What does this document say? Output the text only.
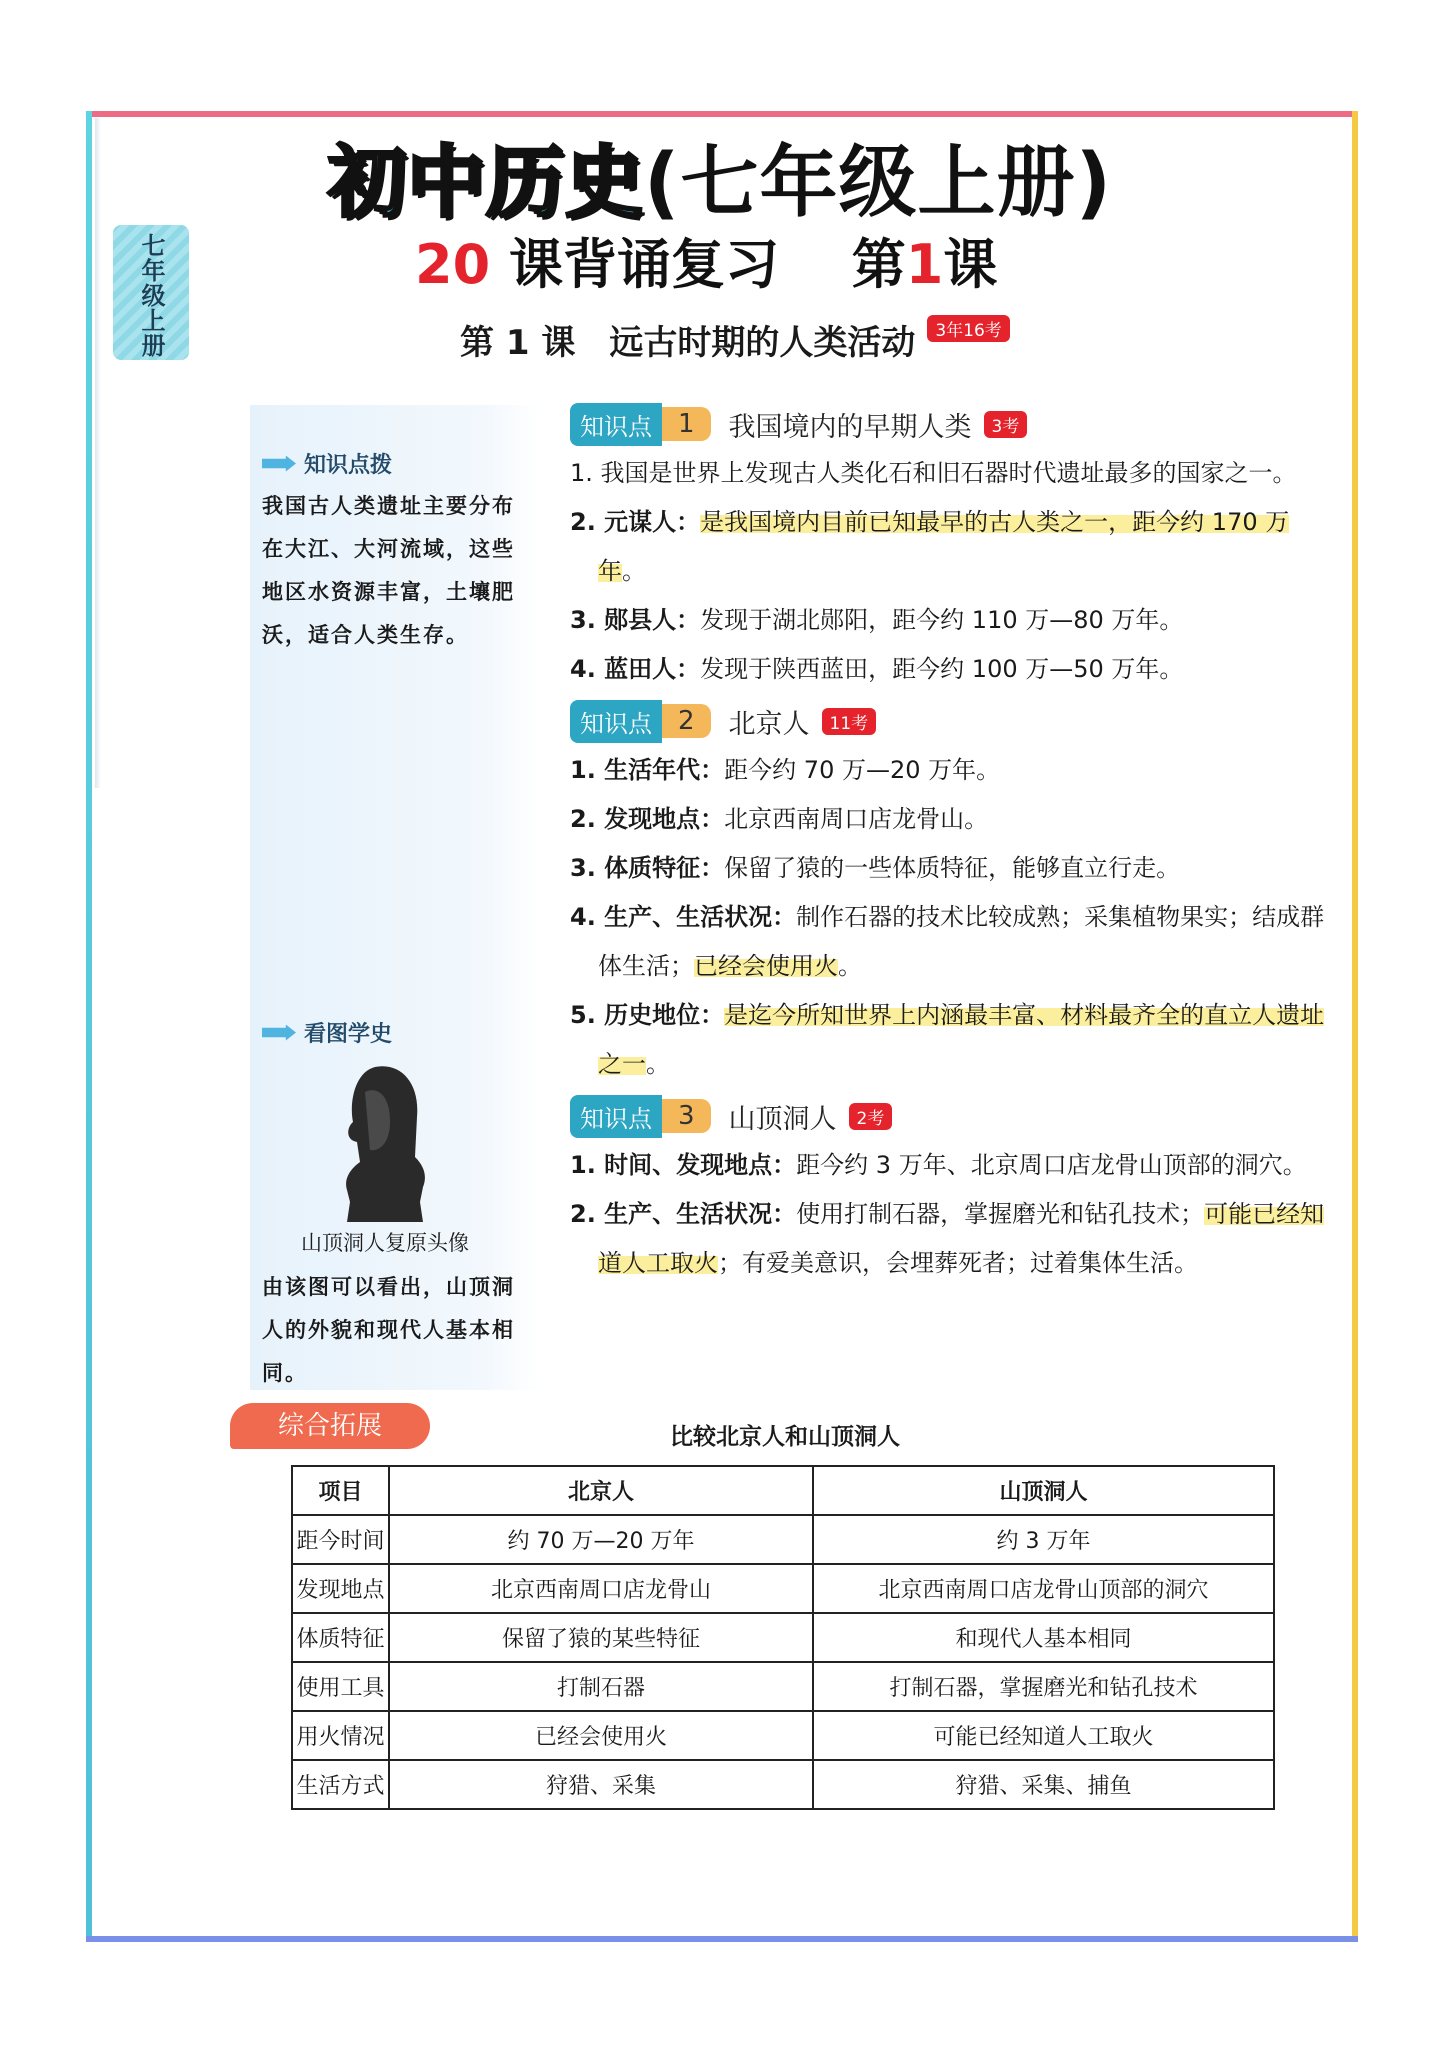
七年级上册
初中历史(七年级上册)
20 课背诵复习　 第1课
第 1 课　远古时期的人类活动 3年16考
知识点拨
我国古人类遗址主要分布在大江、大河流域，这些地区水资源丰富，土壤肥沃，适合人类生存。
看图学史
山顶洞人复原头像
由该图可以看出，山顶洞人的外貌和现代人基本相同。
知识点	1	我国境内的早期人类	3考
1. 我国是世界上发现古人类化石和旧石器时代遗址最多的国家之一。
2. 元谋人：是我国境内目前已知最早的古人类之一，距今约 170 万年。
3. 郧县人：发现于湖北郧阳，距今约 110 万—80 万年。
4. 蓝田人：发现于陕西蓝田，距今约 100 万—50 万年。
知识点	2	北京人	11考
1. 生活年代：距今约 70 万—20 万年。
2. 发现地点：北京西南周口店龙骨山。
3. 体质特征：保留了猿的一些体质特征，能够直立行走。
4. 生产、生活状况：制作石器的技术比较成熟；采集植物果实；结成群体生活；已经会使用火。
5. 历史地位：是迄今所知世界上内涵最丰富、材料最齐全的直立人遗址之一。
知识点	3	山顶洞人	2考
1. 时间、发现地点：距今约 3 万年、北京周口店龙骨山顶部的洞穴。
2. 生产、生活状况：使用打制石器，掌握磨光和钻孔技术；可能已经知道人工取火；有爱美意识，会埋葬死者；过着集体生活。
综合拓展	比较北京人和山顶洞人
项目	北京人	山顶洞人
距今时间	约 70 万—20 万年	约 3 万年
发现地点	北京西南周口店龙骨山	北京西南周口店龙骨山顶部的洞穴
体质特征	保留了猿的某些特征	和现代人基本相同
使用工具	打制石器	打制石器，掌握磨光和钻孔技术
用火情况	已经会使用火	可能已经知道人工取火
生活方式	狩猎、采集	狩猎、采集、捕鱼
